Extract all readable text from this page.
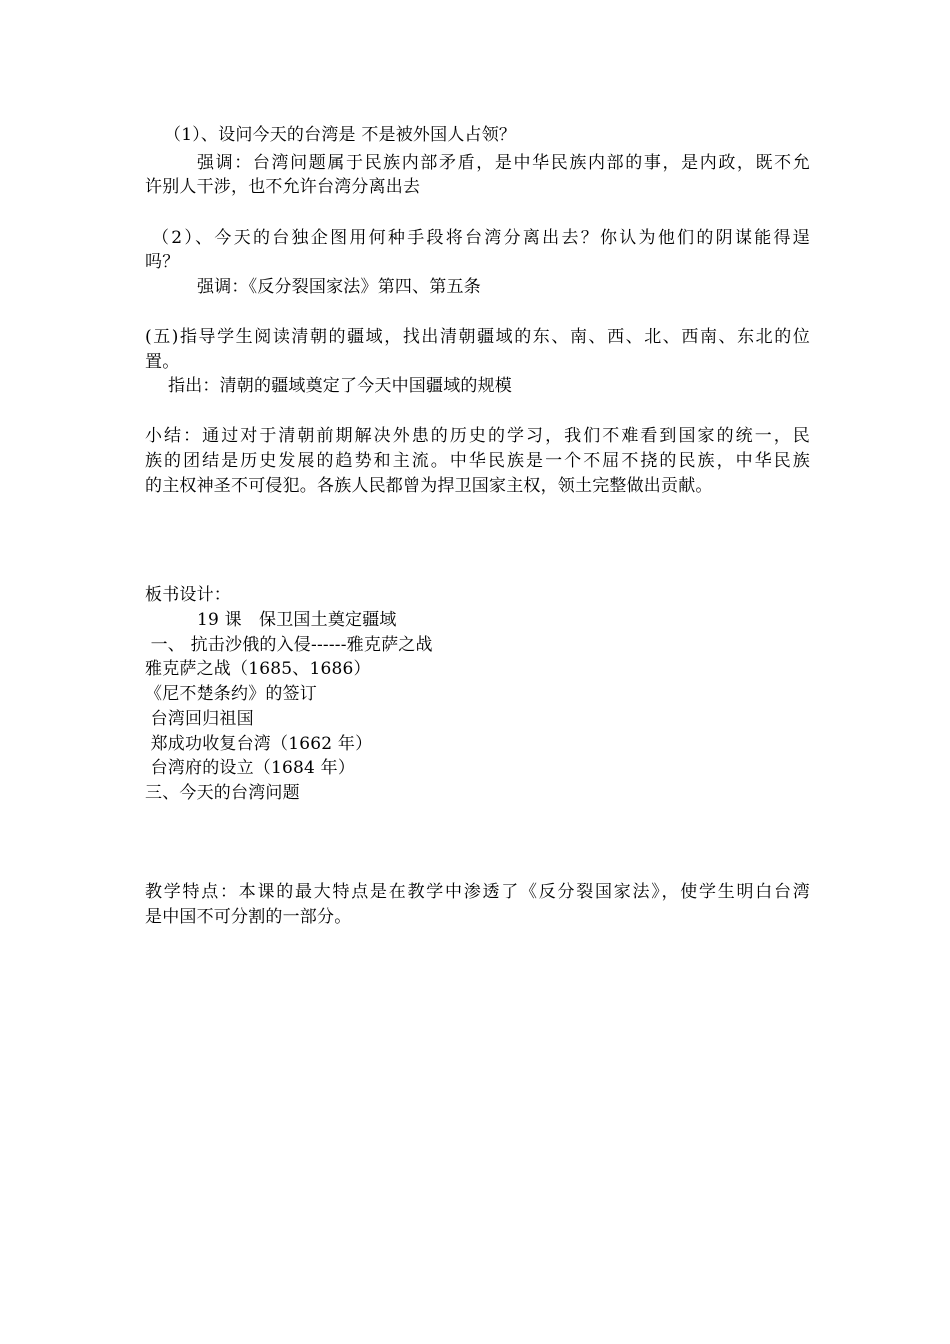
（1）、设问今天的台湾是 不是被外国人占领？
强调：台湾问题属于民族内部矛盾，是中华民族内部的事，是内政，既不允
许别人干涉，也不允许台湾分离出去
（2）、今天的台独企图用何种手段将台湾分离出去？你认为他们的阴谋能得逞
吗？
强调：《反分裂国家法》第四、第五条
(五)指导学生阅读清朝的疆域，找出清朝疆域的东、南、西、北、西南、东北的位
置。
指出：清朝的疆域奠定了今天中国疆域的规模
小结：通过对于清朝前期解决外患的历史的学习，我们不难看到国家的统一，民
族的团结是历史发展的趋势和主流。中华民族是一个不屈不挠的民族，中华民族
的主权神圣不可侵犯。各族人民都曾为捍卫国家主权，领土完整做出贡献。
板书设计：
19 课　保卫国土奠定疆域
一、 抗击沙俄的入侵------雅克萨之战
雅克萨之战（1685、1686）
《尼不楚条约》的签订
台湾回归祖国
郑成功收复台湾（1662 年）
台湾府的设立（1684 年）
三、今天的台湾问题
教学特点：本课的最大特点是在教学中渗透了《反分裂国家法》，使学生明白台湾
是中国不可分割的一部分。
